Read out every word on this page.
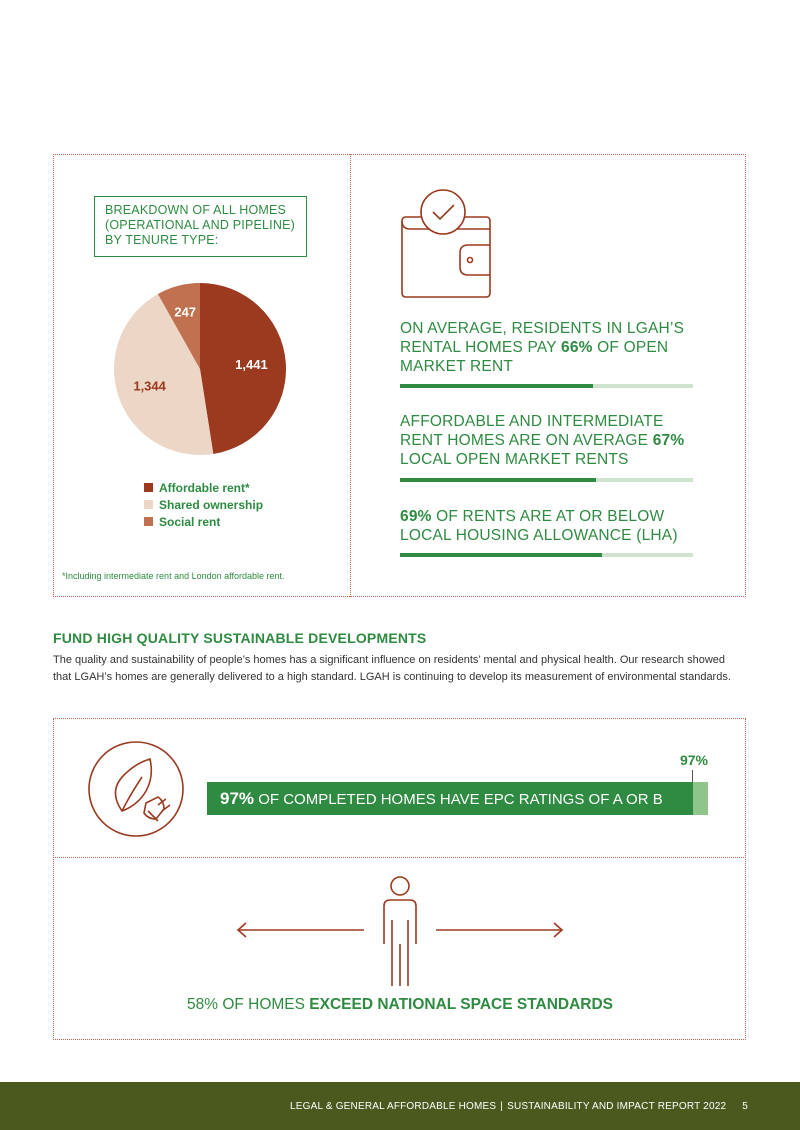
BREAKDOWN OF ALL HOMES
(OPERATIONAL AND PIPELINE)
BY TENURE TYPE:
1,441
1,344
247
Affordable rent*
Shared ownership
Social rent
*Including intermediate rent and London affordable rent.
ON AVERAGE, RESIDENTS IN LGAH’S RENTAL HOMES PAY 66% OF OPEN MARKET RENT
AFFORDABLE AND INTERMEDIATE RENT HOMES ARE ON AVERAGE 67% LOCAL OPEN MARKET RENTS
69% OF RENTS ARE AT OR BELOW LOCAL HOUSING ALLOWANCE (LHA)
FUND HIGH QUALITY SUSTAINABLE DEVELOPMENTS
The quality and sustainability of people’s homes has a significant influence on residents’ mental and physical health. Our research showed that LGAH’s homes are generally delivered to a high standard. LGAH is continuing to develop its measurement of environmental standards.
97%
97% OF COMPLETED HOMES HAVE EPC RATINGS OF A OR B
58% OF HOMES EXCEED NATIONAL SPACE STANDARDS
LEGAL & GENERAL AFFORDABLE HOMES | SUSTAINABILITY AND IMPACT REPORT 2022 5
